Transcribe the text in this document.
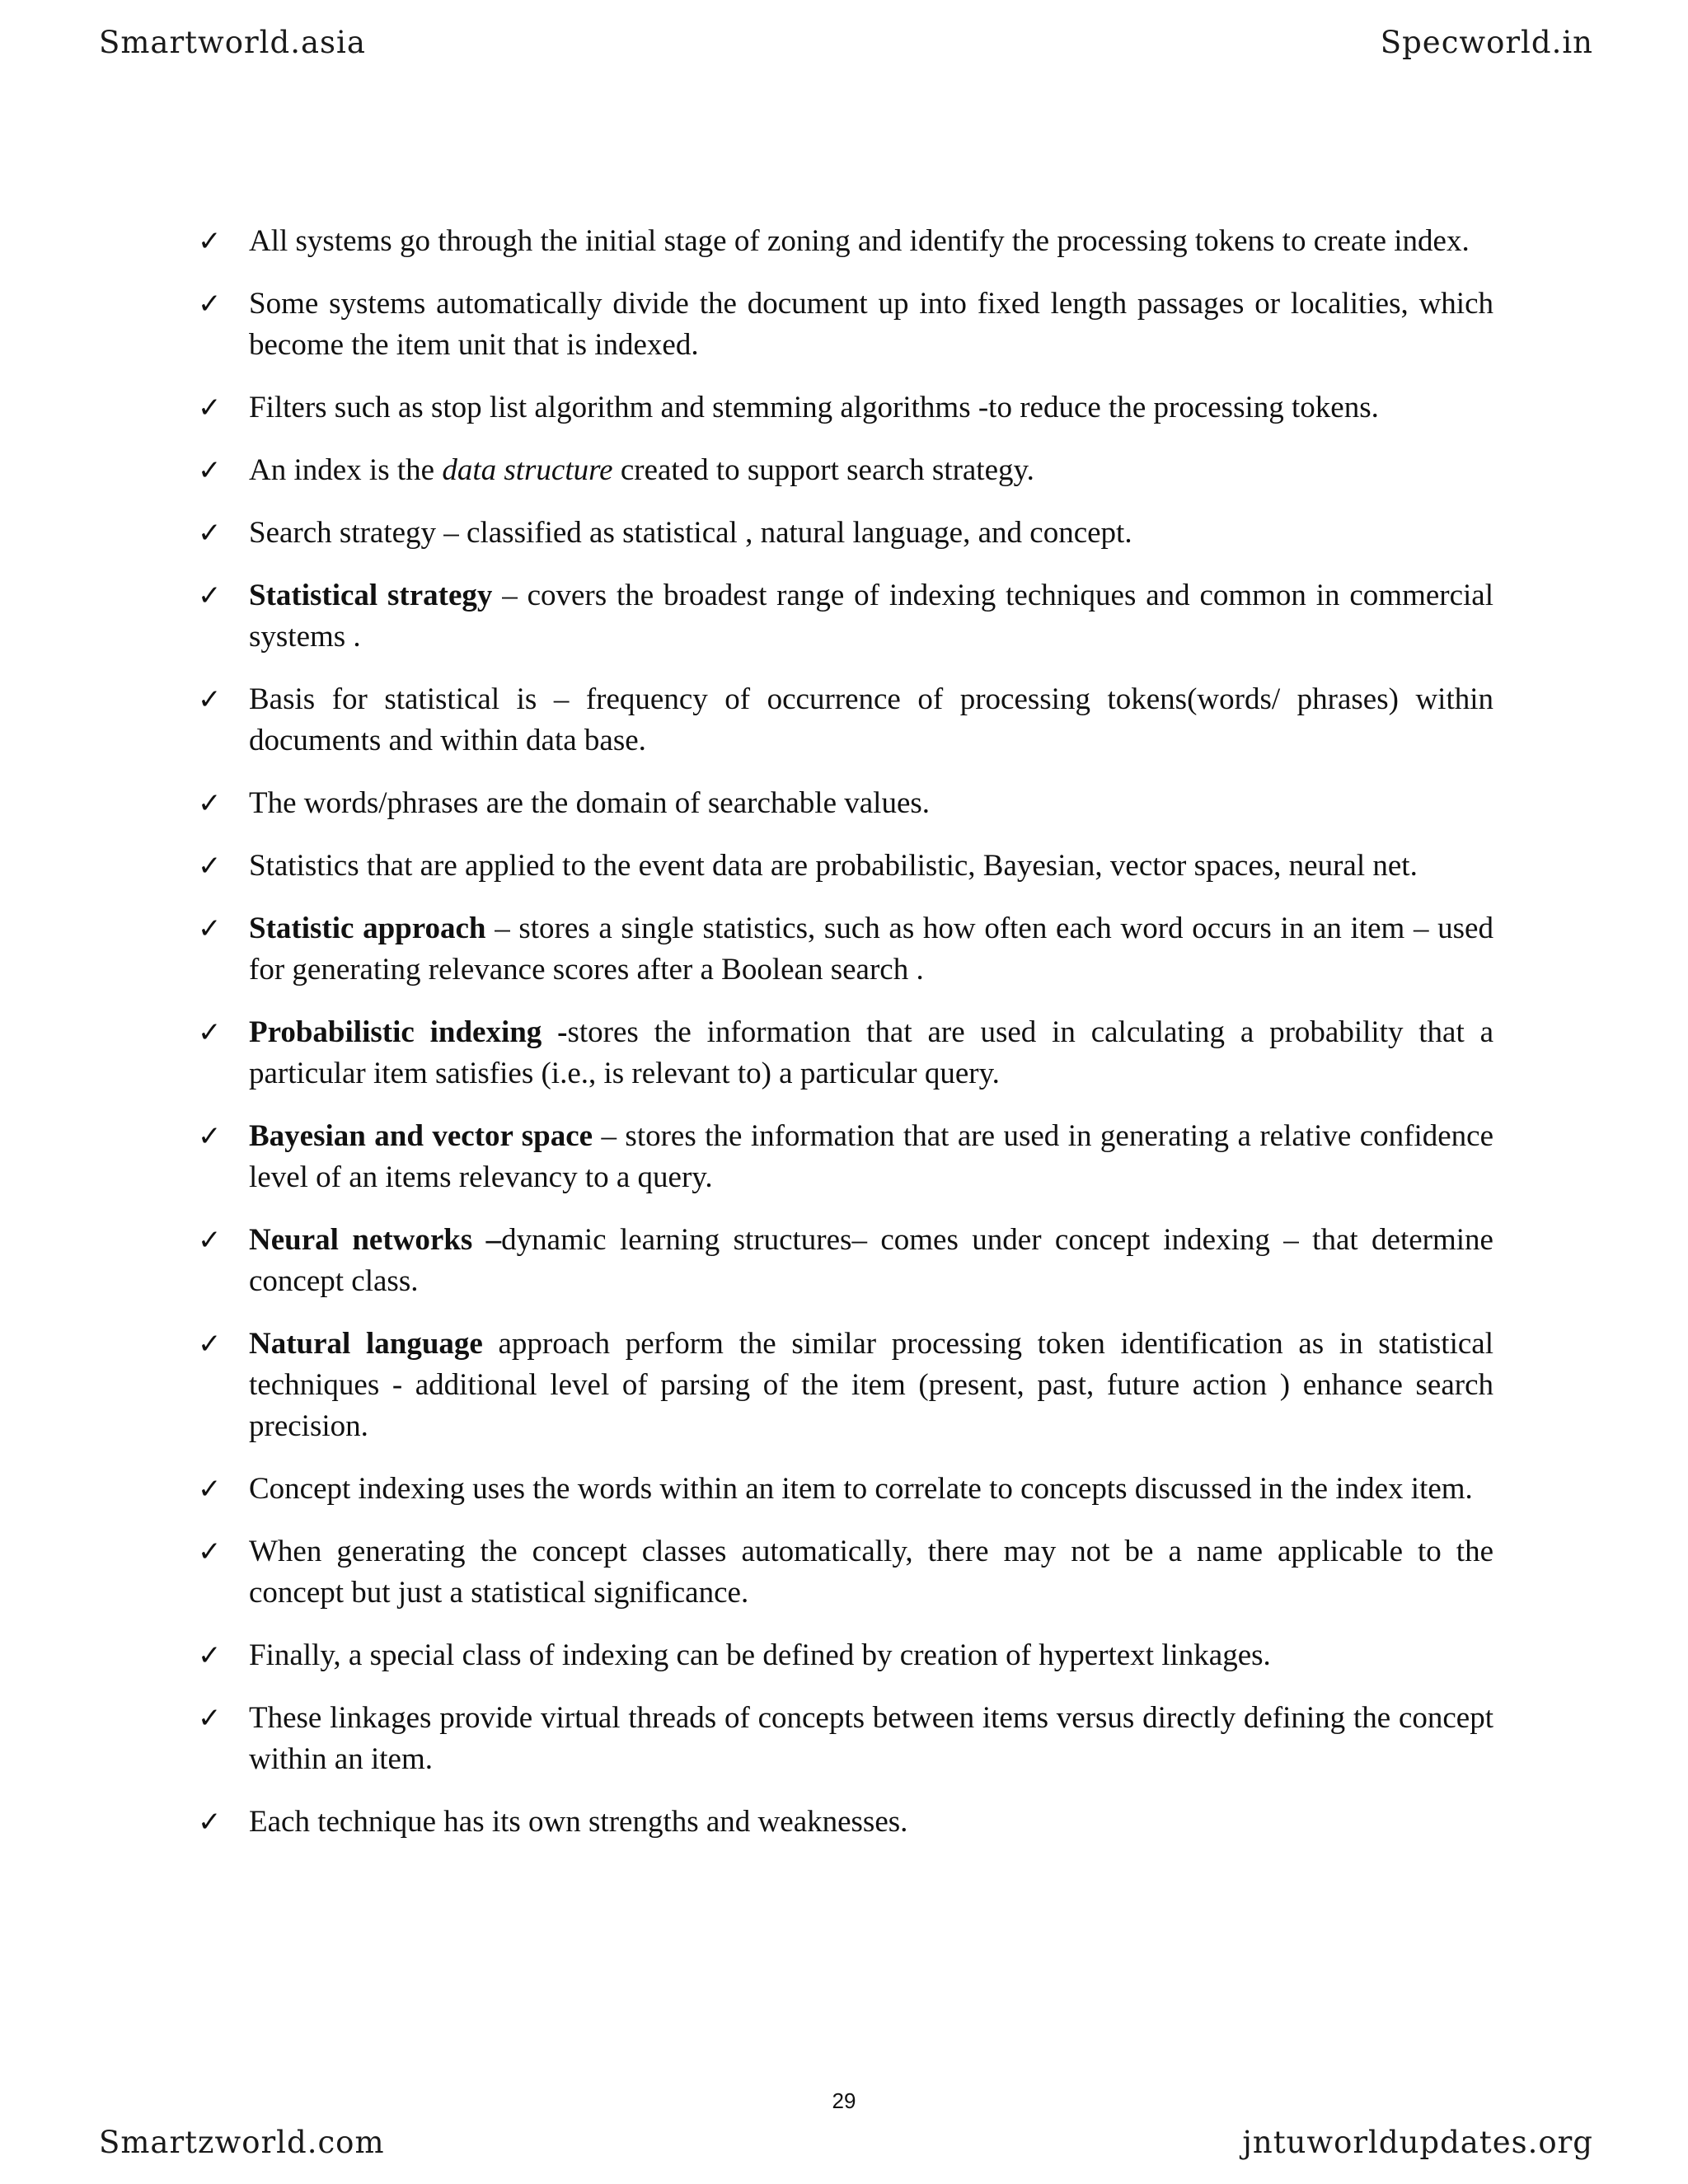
Smartworld.asia	Specworld.in
✓ All systems go through the initial stage of zoning and identify the processing tokens to create index.
✓ Some systems automatically divide the document up into fixed length passages or localities, which become the item unit that is indexed.
✓ Filters such as stop list algorithm and stemming algorithms -to reduce the processing tokens.
✓ An index is the data structure created to support search strategy.
✓ Search strategy – classified as statistical , natural language, and concept.
✓ Statistical strategy – covers the broadest range of indexing techniques and common in commercial systems .
✓ Basis for statistical is – frequency of occurrence of processing tokens(words/ phrases) within documents and within data base.
✓ The words/phrases are the domain of searchable values.
✓ Statistics that are applied to the event data are probabilistic, Bayesian, vector spaces, neural net.
✓ Statistic approach – stores a single statistics, such as how often each word occurs in an item – used for generating relevance scores after a Boolean search .
✓ Probabilistic indexing -stores the information that are used in calculating a probability that a particular item satisfies (i.e., is relevant to) a particular query.
✓ Bayesian and vector space – stores the information that are used in generating a relative confidence level of an items relevancy to a query.
✓ Neural networks –dynamic learning structures– comes under concept indexing – that determine concept class.
✓ Natural language approach perform the similar processing token identification as in statistical techniques - additional level of parsing of the item (present, past, future action ) enhance search precision.
✓ Concept indexing uses the words within an item to correlate to concepts discussed in the index item.
✓ When generating the concept classes automatically, there may not be a name applicable to the concept but just a statistical significance.
✓ Finally, a special class of indexing can be defined by creation of hypertext linkages.
✓ These linkages provide virtual threads of concepts between items versus directly defining the concept within an item.
✓ Each technique has its own strengths and weaknesses.
29
Smartzworld.com	jntuworldupdates.org
